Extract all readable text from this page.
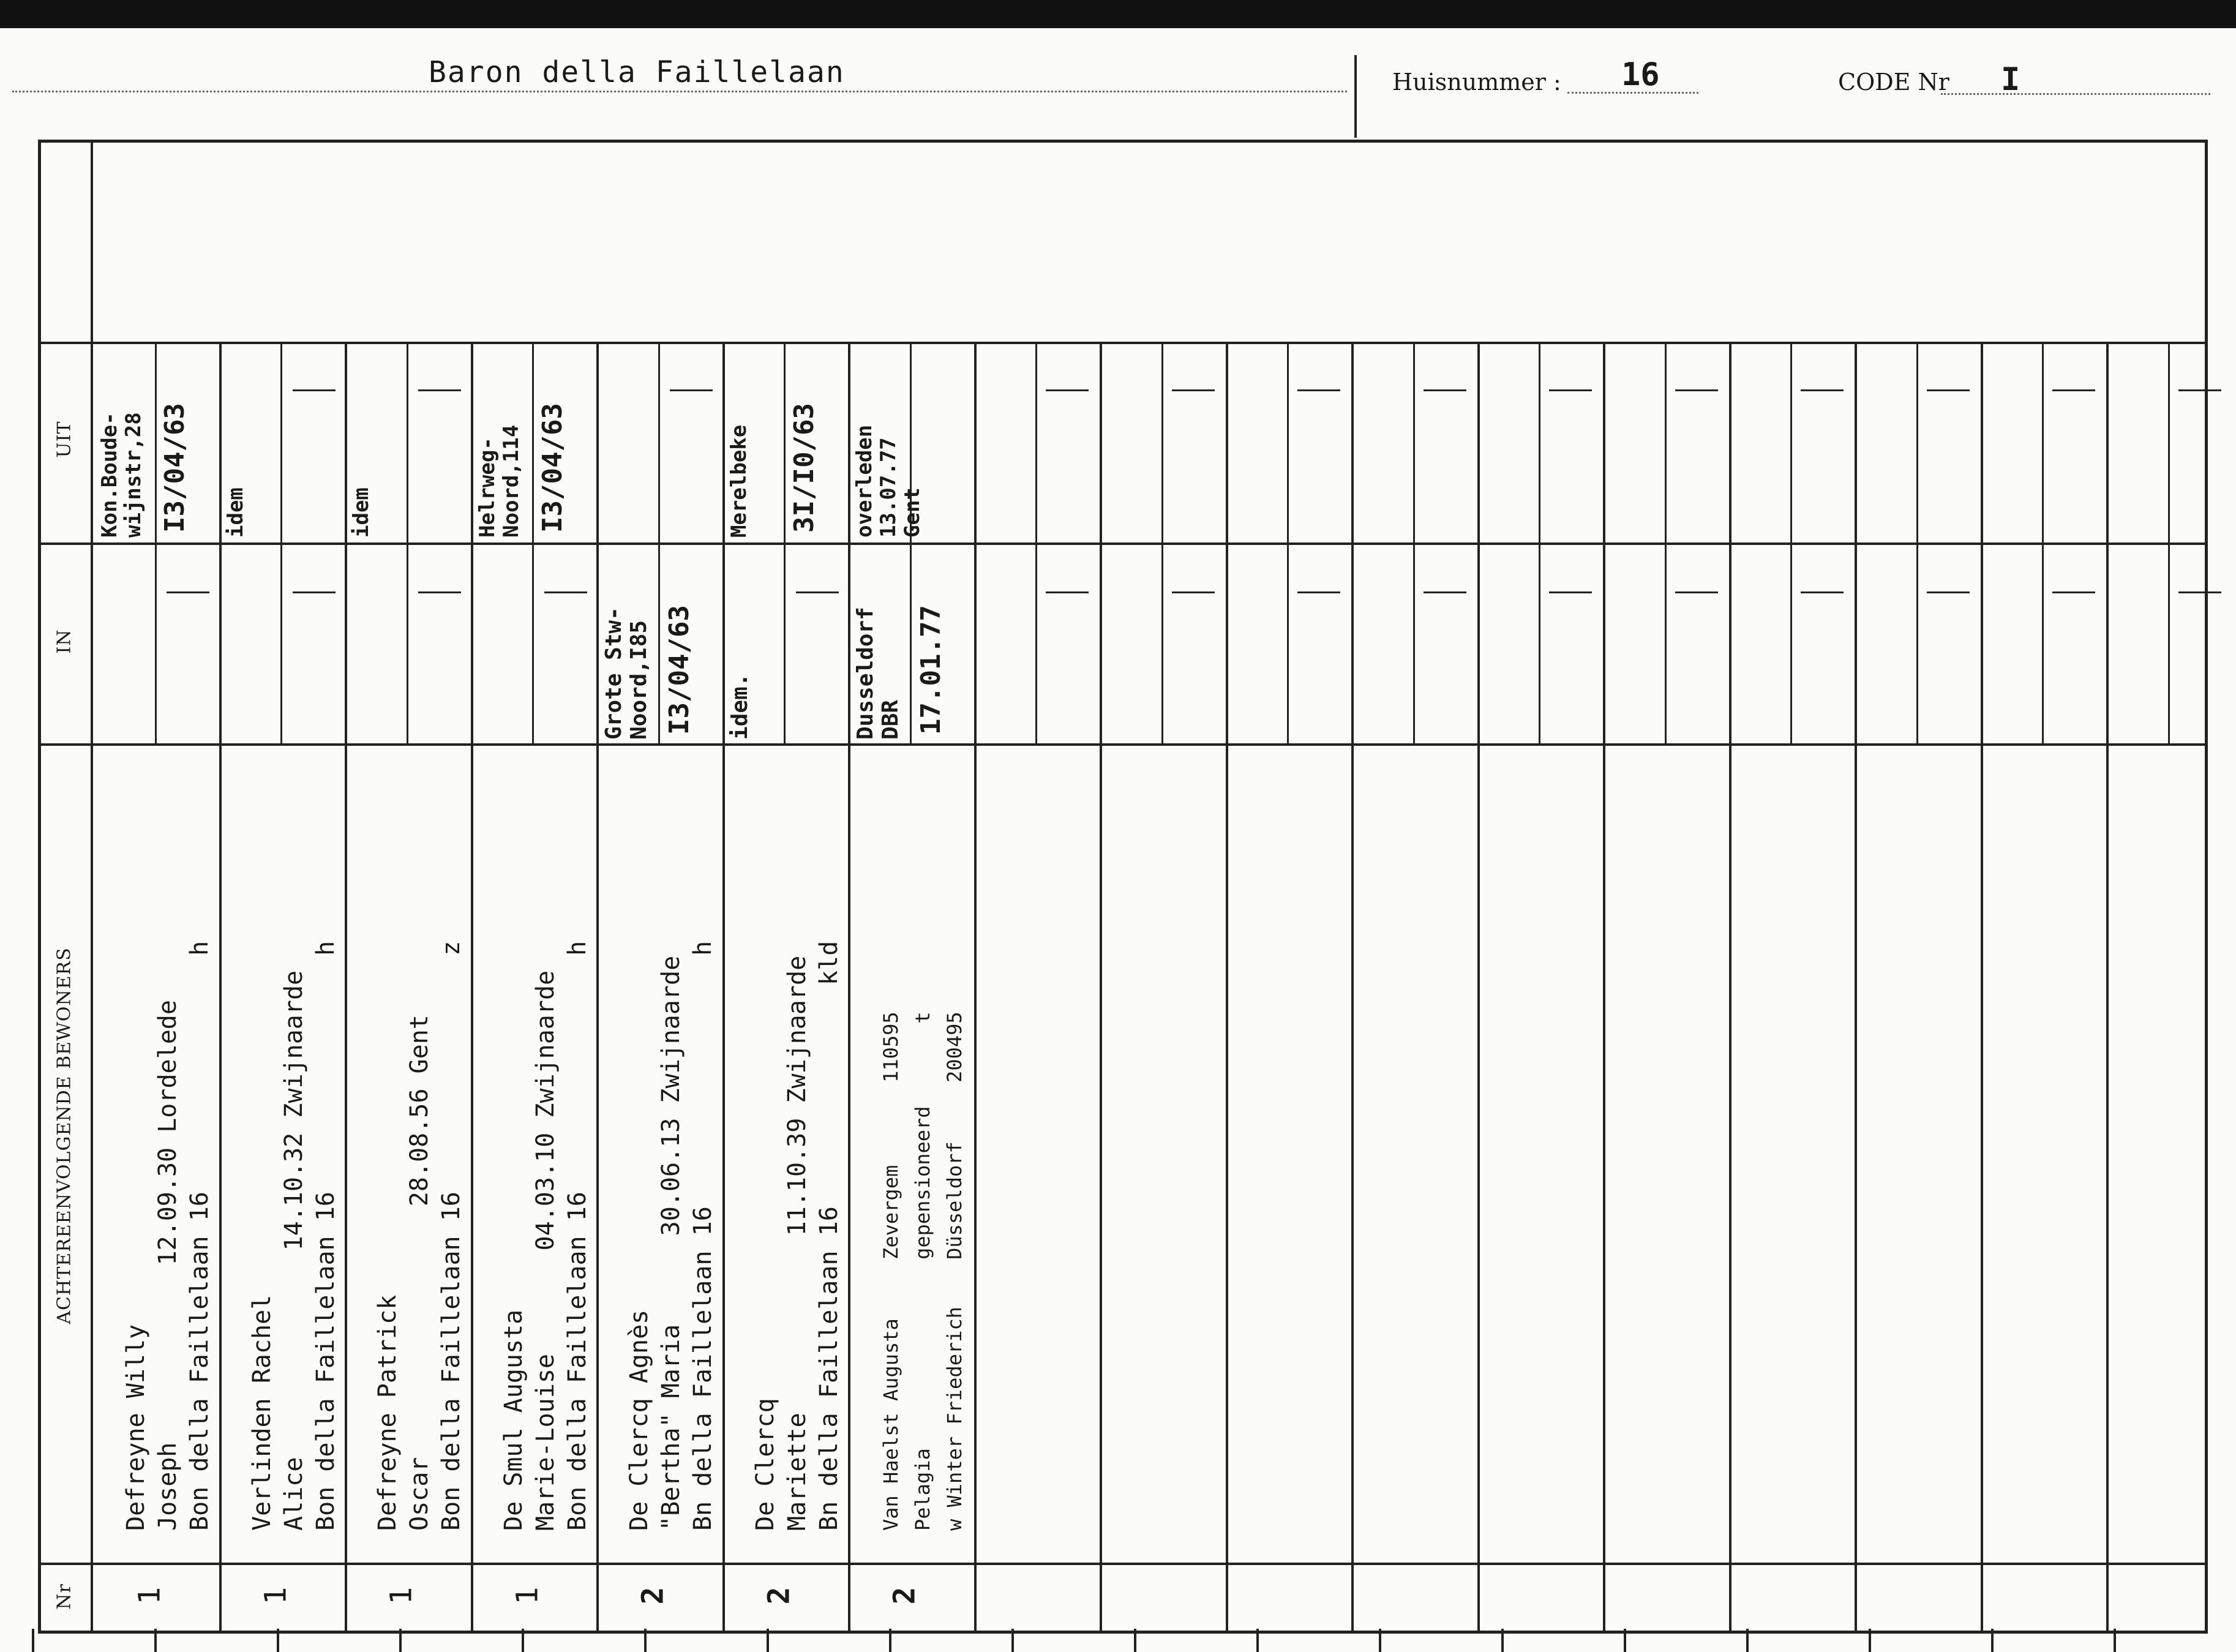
Baron della Faillelaan	Huisnummer : 16	CODE Nr I
UIT
IN
ACHTEREENVOLGENDE BEWONERS
Nr
Kon.Boude-
wijnstr,28 I3/04/63
Defreyne Willy Joseph            12.09.30 Lordelede Bon della Faillelaan 16                h
1
idem
Verlinden Rachel Alice              14.10.32 Zwijnaarde Bon della Faillelaan 16                h
1
idem
Defreyne Patrick Oscar                 28.08.56 Gent Bon della Faillelaan 16                z
1
Helrweg-
Noord,114 I3/04/63
De Smul Augusta Marie-Louise       04.03.10 Zwijnaarde Bon della Faillelaan 16                h
1
Grote Stw-
Noord,I85 I3/04/63
De Clercq Agnès "Bertha" Maria      30.06.13 Zwijnaarde Bn della Faillelaan 16                 h
2
Merelbeke 3I/I0/63
idem.
De Clercq Mariette            11.10.39 Zwijnaarde Bn della Faillelaan 16               kld
2
overleden
13.07.77
Gent
Dusseldorf
DBR 17.01.77
Van Haelst Augusta     Zevergem       110595 Pelagia                gepensioneerd       t w Winter Friederich    Düsseldorf     200495
2
